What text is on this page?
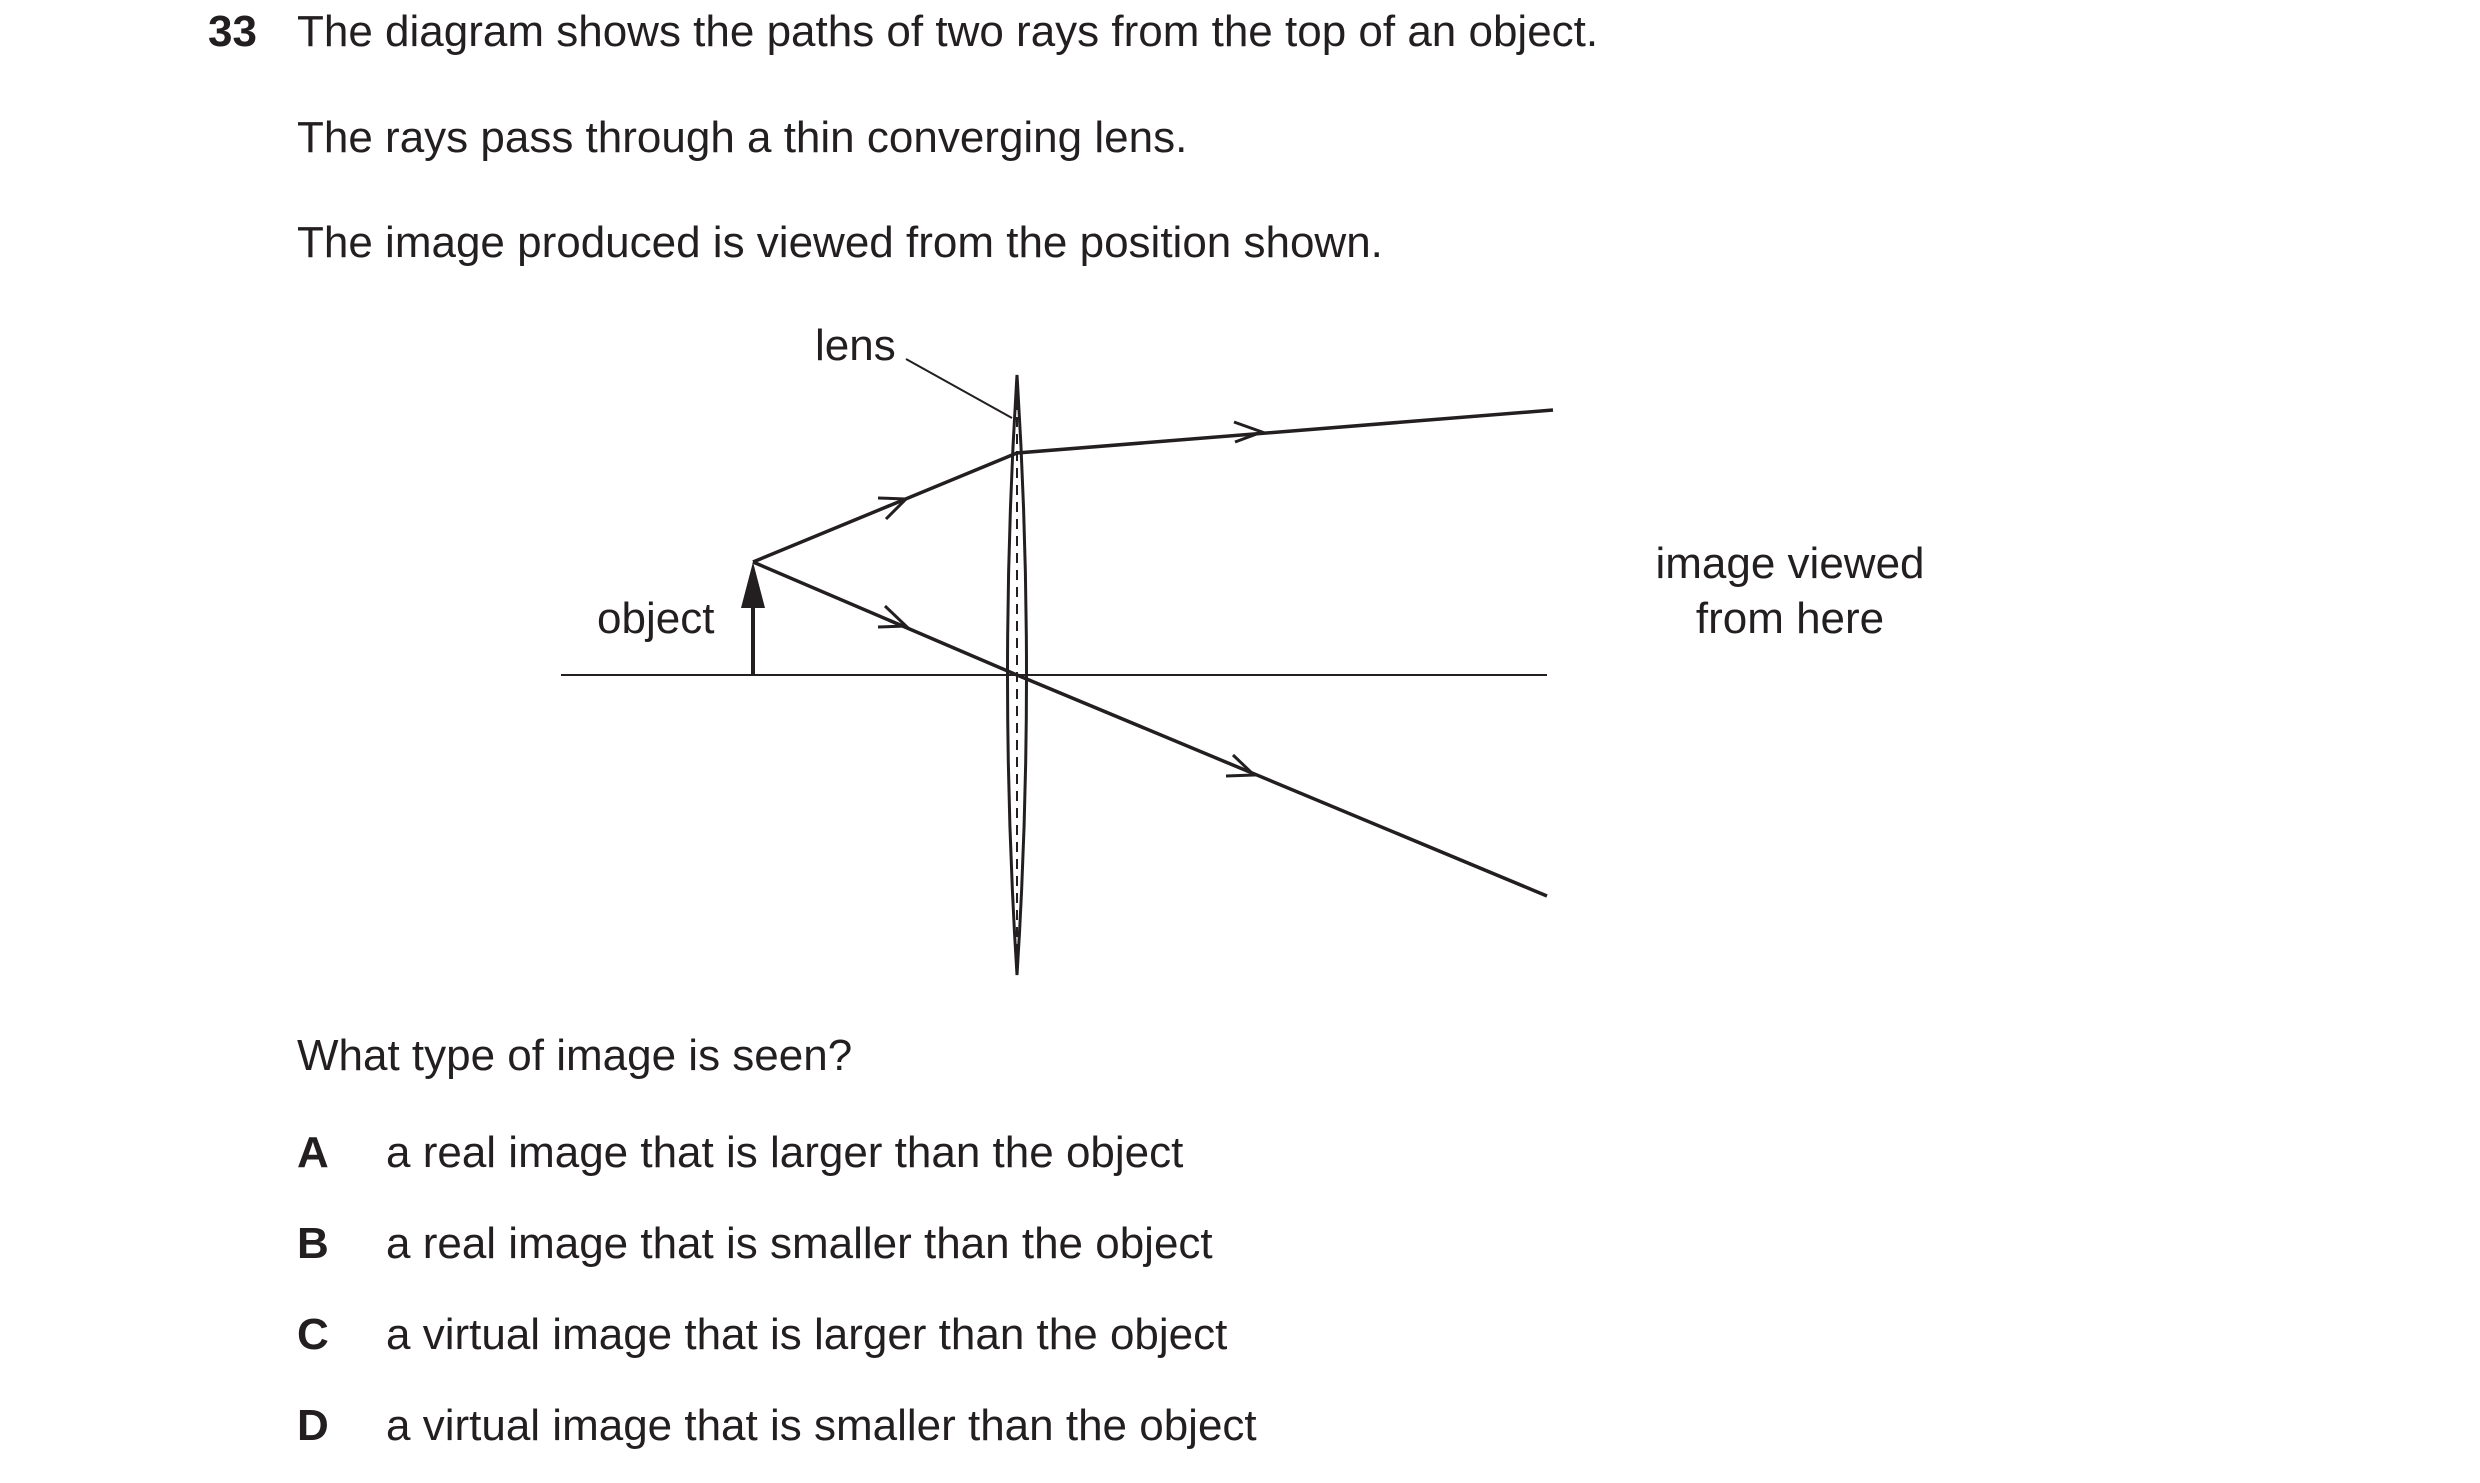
33 The diagram shows the paths of two rays from the top of an object.
The rays pass through a thin converging lens.
The image produced is viewed from the position shown.
lens
object
image viewed
from here
What type of image is seen?
A a real image that is larger than the object
B a real image that is smaller than the object
C a virtual image that is larger than the object
D a virtual image that is smaller than the object
